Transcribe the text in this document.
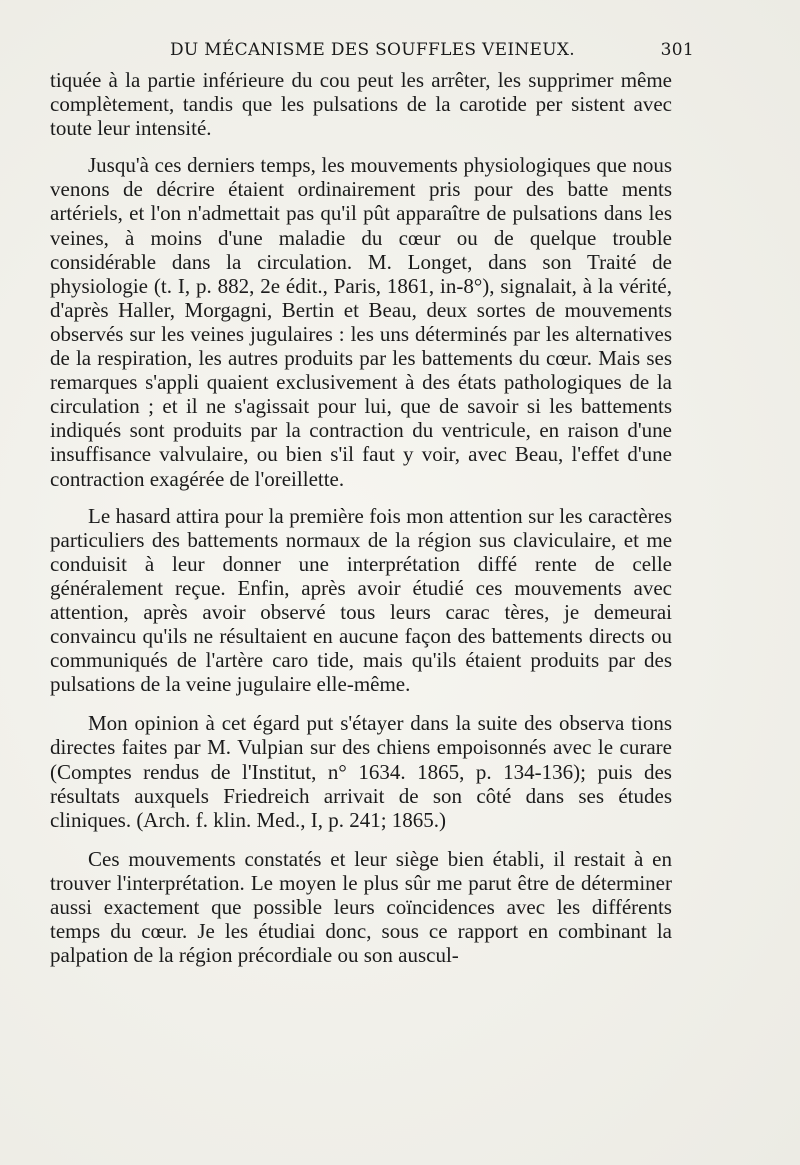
DU MÉCANISME DES SOUFFLES VEINEUX.	301

tiquée à la partie inférieure du cou peut les arrêter, les supprimer même complètement, tandis que les pulsations de la carotide per sistent avec toute leur intensité.

Jusqu'à ces derniers temps, les mouvements physiologiques que nous venons de décrire étaient ordinairement pris pour des batte ments artériels, et l'on n'admettait pas qu'il pût apparaître de pulsations dans les veines, à moins d'une maladie du cœur ou de quelque trouble considérable dans la circulation. M. Longet, dans son Traité de physiologie (t. I, p. 882, 2e édit., Paris, 1861, in-8°), signalait, à la vérité, d'après Haller, Morgagni, Bertin et Beau, deux sortes de mouvements observés sur les veines jugulaires : les uns déterminés par les alternatives de la respiration, les autres produits par les battements du cœur. Mais ses remarques s'appli quaient exclusivement à des états pathologiques de la circulation ; et il ne s'agissait pour lui, que de savoir si les battements indiqués sont produits par la contraction du ventricule, en raison d'une insuffisance valvulaire, ou bien s'il faut y voir, avec Beau, l'effet d'une contraction exagérée de l'oreillette.

Le hasard attira pour la première fois mon attention sur les caractères particuliers des battements normaux de la région sus claviculaire, et me conduisit à leur donner une interprétation diffé rente de celle généralement reçue. Enfin, après avoir étudié ces mouvements avec attention, après avoir observé tous leurs carac tères, je demeurai convaincu qu'ils ne résultaient en aucune façon des battements directs ou communiqués de l'artère caro tide, mais qu'ils étaient produits par des pulsations de la veine jugulaire elle-même.

Mon opinion à cet égard put s'étayer dans la suite des observa tions directes faites par M. Vulpian sur des chiens empoisonnés avec le curare (Comptes rendus de l'Institut, n° 1634. 1865, p. 134-136); puis des résultats auxquels Friedreich arrivait de son côté dans ses études cliniques. (Arch. f. klin. Med., I, p. 241; 1865.)

Ces mouvements constatés et leur siège bien établi, il restait à en trouver l'interprétation. Le moyen le plus sûr me parut être de déterminer aussi exactement que possible leurs coïncidences avec les différents temps du cœur. Je les étudiai donc, sous ce rapport en combinant la palpation de la région précordiale ou son auscul-
